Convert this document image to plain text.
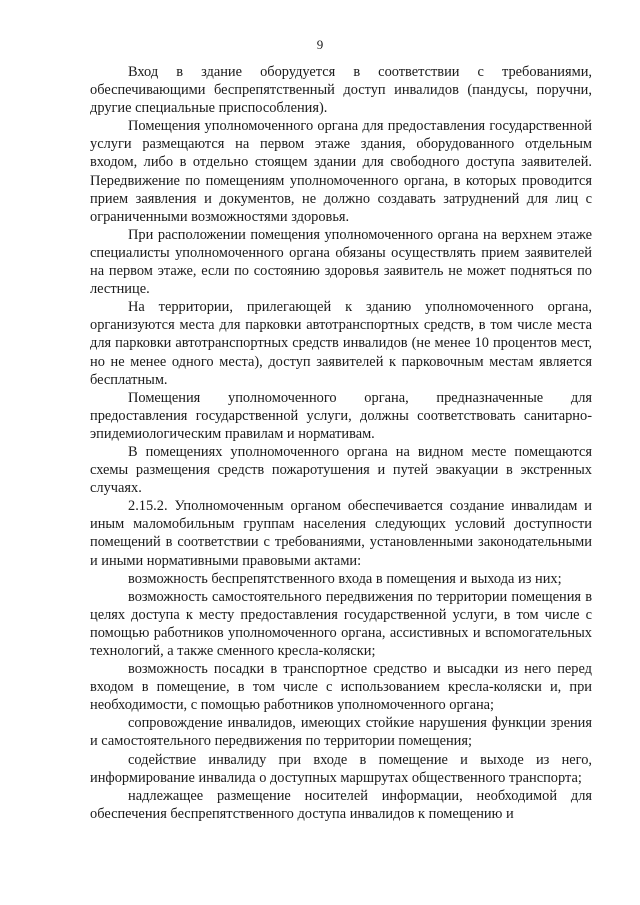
9

Вход в здание оборудуется в соответствии с требованиями, обеспечивающими беспрепятственный доступ инвалидов (пандусы, поручни, другие специальные приспособления).

Помещения уполномоченного органа для предоставления государственной услуги размещаются на первом этаже здания, оборудованного отдельным входом, либо в отдельно стоящем здании для свободного доступа заявителей. Передвижение по помещениям уполномоченного органа, в которых проводится прием заявления и документов, не должно создавать затруднений для лиц с ограниченными возможностями здоровья.

При расположении помещения уполномоченного органа на верхнем этаже специалисты уполномоченного органа обязаны осуществлять прием заявителей на первом этаже, если по состоянию здоровья заявитель не может подняться по лестнице.

На территории, прилегающей к зданию уполномоченного органа, организуются места для парковки автотранспортных средств, в том числе места для парковки автотранспортных средств инвалидов (не менее 10 процентов мест, но не менее одного места), доступ заявителей к парковочным местам является бесплатным.

Помещения уполномоченного органа, предназначенные для предоставления государственной услуги, должны соответствовать санитарно-эпидемиологическим правилам и нормативам.

В помещениях уполномоченного органа на видном месте помещаются схемы размещения средств пожаротушения и путей эвакуации в экстренных случаях.

2.15.2. Уполномоченным органом обеспечивается создание инвалидам и иным маломобильным группам населения следующих условий доступности помещений в соответствии с требованиями, установленными законодательными и иными нормативными правовыми актами:

возможность беспрепятственного входа в помещения и выхода из них;

возможность самостоятельного передвижения по территории помещения в целях доступа к месту предоставления государственной услуги, в том числе с помощью работников уполномоченного органа, ассистивных и вспомогательных технологий, а также сменного кресла-коляски;

возможность посадки в транспортное средство и высадки из него перед входом в помещение, в том числе с использованием кресла-коляски и, при необходимости, с помощью работников уполномоченного органа;

сопровождение инвалидов, имеющих стойкие нарушения функции зрения и самостоятельного передвижения по территории помещения;

содействие инвалиду при входе в помещение и выходе из него, информирование инвалида о доступных маршрутах общественного транспорта;

надлежащее размещение носителей информации, необходимой для обеспечения беспрепятственного доступа инвалидов к помещению и
